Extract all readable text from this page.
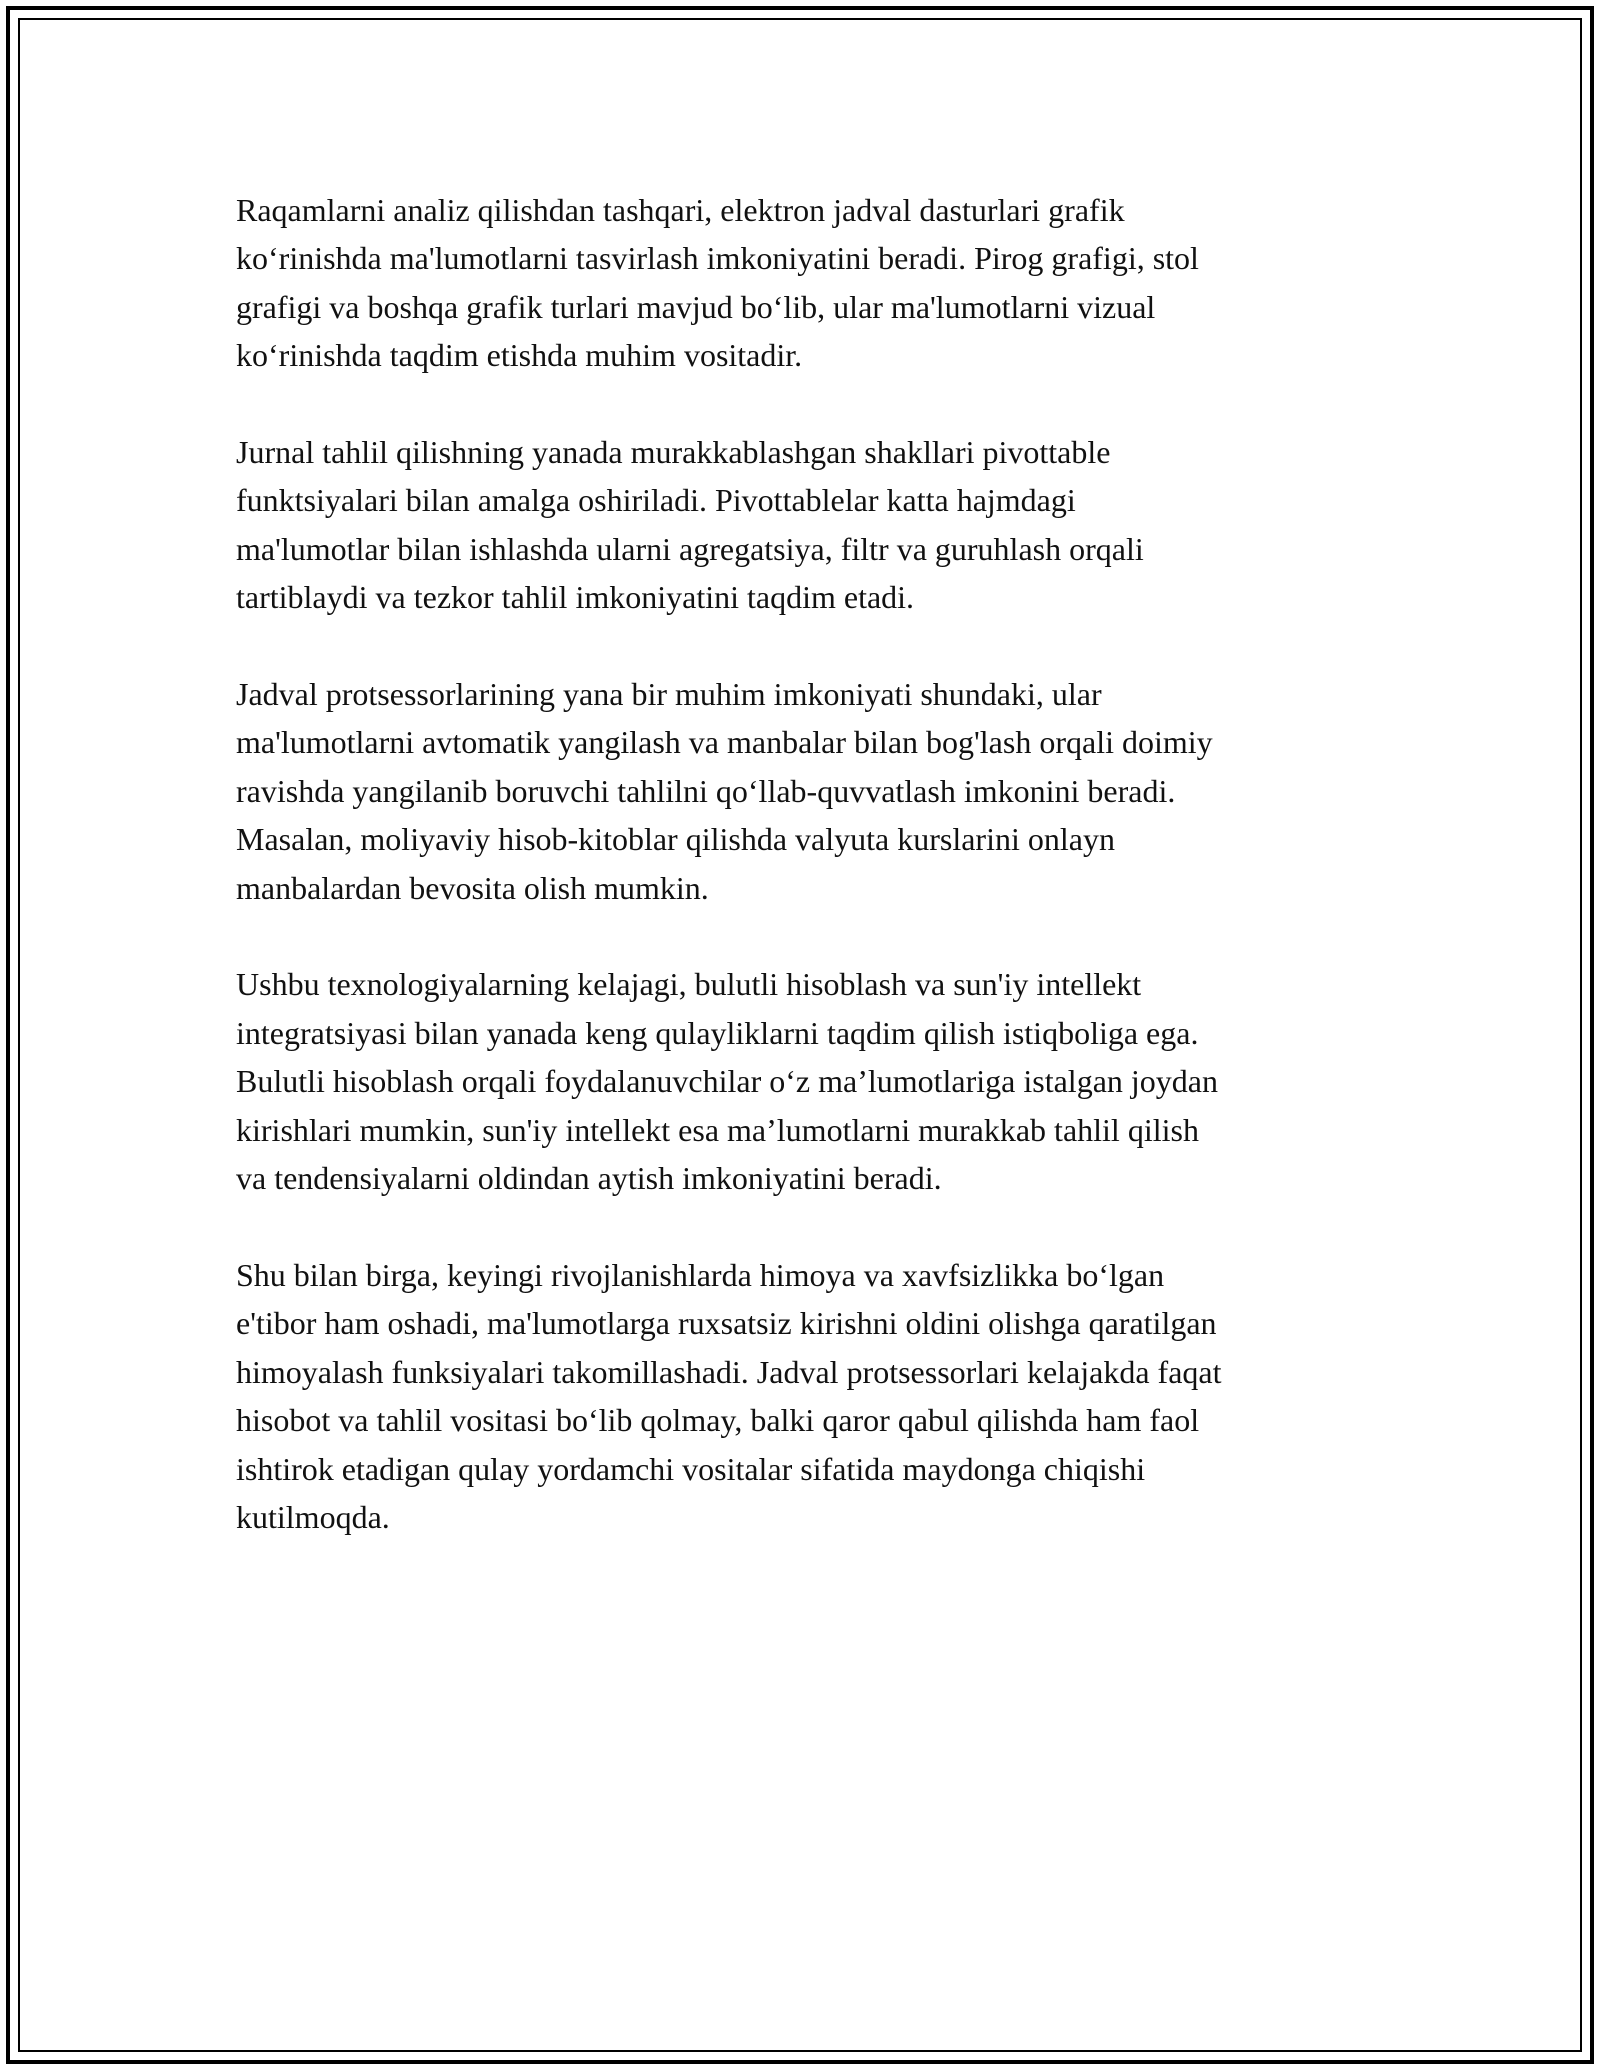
Raqamlarni analiz qilishdan tashqari, elektron jadval dasturlari grafik
ko‘rinishda ma'lumotlarni tasvirlash imkoniyatini beradi. Pirog grafigi, stol
grafigi va boshqa grafik turlari mavjud bo‘lib, ular ma'lumotlarni vizual
ko‘rinishda taqdim etishda muhim vositadir.

Jurnal tahlil qilishning yanada murakkablashgan shakllari pivottable
funktsiyalari bilan amalga oshiriladi. Pivottablelar katta hajmdagi
ma'lumotlar bilan ishlashda ularni agregatsiya, filtr va guruhlash orqali
tartiblaydi va tezkor tahlil imkoniyatini taqdim etadi.

Jadval protsessorlarining yana bir muhim imkoniyati shundaki, ular
ma'lumotlarni avtomatik yangilash va manbalar bilan bog'lash orqali doimiy
ravishda yangilanib boruvchi tahlilni qo‘llab-quvvatlash imkonini beradi.
Masalan, moliyaviy hisob-kitoblar qilishda valyuta kurslarini onlayn
manbalardan bevosita olish mumkin.

Ushbu texnologiyalarning kelajagi, bulutli hisoblash va sun'iy intellekt
integratsiyasi bilan yanada keng qulayliklarni taqdim qilish istiqboliga ega.
Bulutli hisoblash orqali foydalanuvchilar o‘z ma’lumotlariga istalgan joydan
kirishlari mumkin, sun'iy intellekt esa ma’lumotlarni murakkab tahlil qilish
va tendensiyalarni oldindan aytish imkoniyatini beradi.

Shu bilan birga, keyingi rivojlanishlarda himoya va xavfsizlikka bo‘lgan
e'tibor ham oshadi, ma'lumotlarga ruxsatsiz kirishni oldini olishga qaratilgan
himoyalash funksiyalari takomillashadi. Jadval protsessorlari kelajakda faqat
hisobot va tahlil vositasi bo‘lib qolmay, balki qaror qabul qilishda ham faol
ishtirok etadigan qulay yordamchi vositalar sifatida maydonga chiqishi
kutilmoqda.
